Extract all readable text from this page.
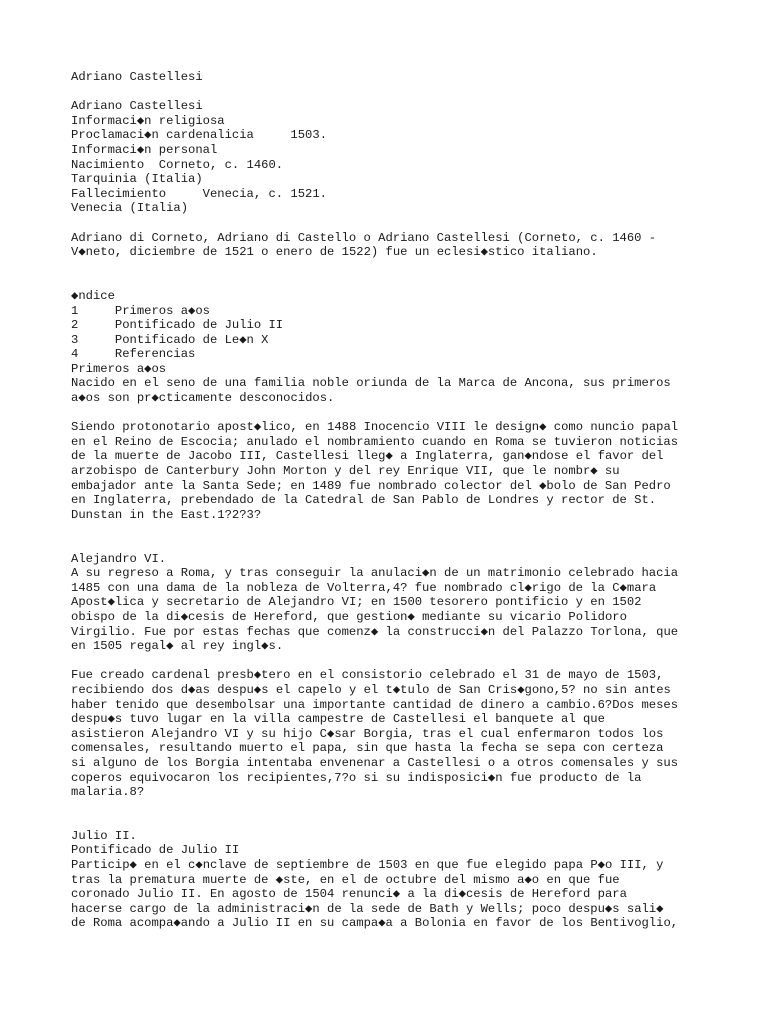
Adriano Castellesi

Adriano Castellesi
Informaci◆n religiosa
Proclamaci◆n cardenalicia     1503.
Informaci◆n personal
Nacimiento  Corneto, c. 1460.
Tarquinia (Italia)
Fallecimiento     Venecia, c. 1521.
Venecia (Italia)

Adriano di Corneto, Adriano di Castello o Adriano Castellesi (Corneto, c. 1460 -
V◆neto, diciembre de 1521 o enero de 1522) fue un eclesi◆stico italiano.

◆ndice
1     Primeros a◆os
2     Pontificado de Julio II
3     Pontificado de Le◆n X
4     Referencias
Primeros a◆os
Nacido en el seno de una familia noble oriunda de la Marca de Ancona, sus primeros
a◆os son pr◆cticamente desconocidos.

Siendo protonotario apost◆lico, en 1488 Inocencio VIII le design◆ como nuncio papal
en el Reino de Escocia; anulado el nombramiento cuando en Roma se tuvieron noticias
de la muerte de Jacobo III, Castellesi lleg◆ a Inglaterra, gan◆ndose el favor del
arzobispo de Canterbury John Morton y del rey Enrique VII, que le nombr◆ su
embajador ante la Santa Sede; en 1489 fue nombrado colector del ◆bolo de San Pedro
en Inglaterra, prebendado de la Catedral de San Pablo de Londres y rector de St.
Dunstan in the East.1?2?3?

Alejandro VI.
A su regreso a Roma, y tras conseguir la anulaci◆n de un matrimonio celebrado hacia
1485 con una dama de la nobleza de Volterra,4? fue nombrado cl◆rigo de la C◆mara
Apost◆lica y secretario de Alejandro VI; en 1500 tesorero pontificio y en 1502
obispo de la di◆cesis de Hereford, que gestion◆ mediante su vicario Polidoro
Virgilio. Fue por estas fechas que comenz◆ la construcci◆n del Palazzo Torlona, que
en 1505 regal◆ al rey ingl◆s.

Fue creado cardenal presb◆tero en el consistorio celebrado el 31 de mayo de 1503,
recibiendo dos d◆as despu◆s el capelo y el t◆tulo de San Cris◆gono,5? no sin antes
haber tenido que desembolsar una importante cantidad de dinero a cambio.6?Dos meses
despu◆s tuvo lugar en la villa campestre de Castellesi el banquete al que
asistieron Alejandro VI y su hijo C◆sar Borgia, tras el cual enfermaron todos los
comensales, resultando muerto el papa, sin que hasta la fecha se sepa con certeza
si alguno de los Borgia intentaba envenenar a Castellesi o a otros comensales y sus
coperos equivocaron los recipientes,7?o si su indisposici◆n fue producto de la
malaria.8?

Julio II.
Pontificado de Julio II
Particip◆ en el c◆nclave de septiembre de 1503 en que fue elegido papa P◆o III, y
tras la prematura muerte de ◆ste, en el de octubre del mismo a◆o en que fue
coronado Julio II. En agosto de 1504 renunci◆ a la di◆cesis de Hereford para
hacerse cargo de la administraci◆n de la sede de Bath y Wells; poco despu◆s sali◆
de Roma acompa◆ando a Julio II en su campa◆a a Bolonia en favor de los Bentivoglio,
